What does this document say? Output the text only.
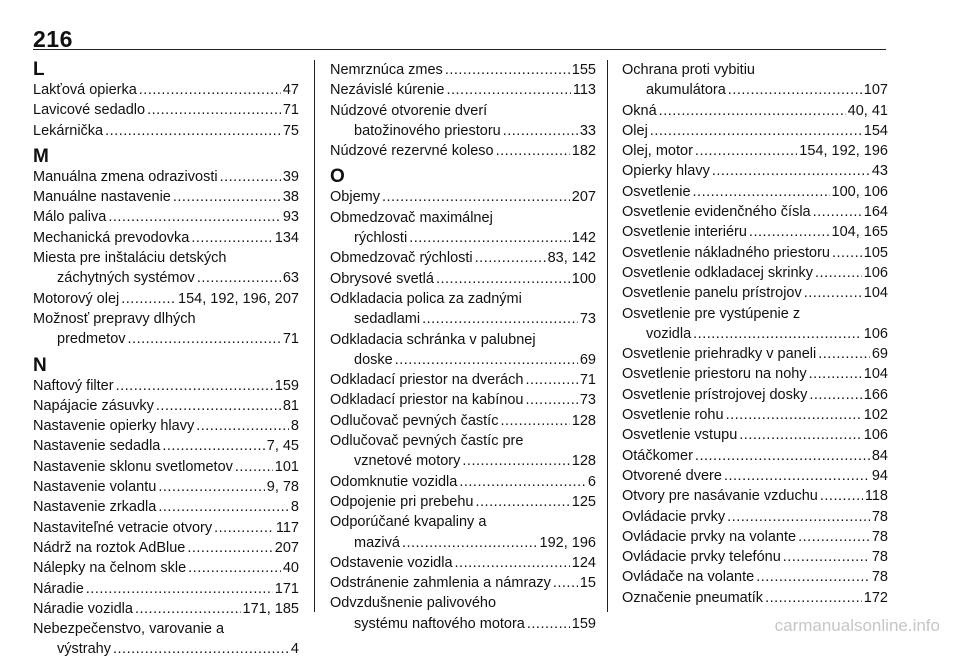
216
L
Lakťová opierka .....	47
Lavicové sedadlo .....	71
Lekárnička .....	75
M
Manuálna zmena odrazivosti .....	39
Manuálne nastavenie .....	38
Málo paliva .....	93
Mechanická prevodovka .....	134
Miesta pre inštaláciu detských
záchytných systémov .....	63
Motorový olej .....	154, 192, 196, 207
Možnosť prepravy dlhých
predmetov .....	71
N
Naftový filter .....	159
Napájacie zásuvky .....	81
Nastavenie opierky hlavy .....	8
Nastavenie sedadla .....	7, 45
Nastavenie sklonu svetlometov .....	101
Nastavenie volantu .....	9, 78
Nastavenie zrkadla .....	8
Nastaviteľné vetracie otvory .....	117
Nádrž na roztok AdBlue .....	207
Nálepky na čelnom skle .....	40
Náradie .....	171
Náradie vozidla .....	171, 185
Nebezpečenstvo, varovanie a
výstrahy .....	4
Nemrznúca zmes .....	155
Nezávislé kúrenie .....	113
Núdzové otvorenie dverí
batožinového priestoru .....	33
Núdzové rezervné koleso .....	182
O
Objemy .....	207
Obmedzovač maximálnej
rýchlosti .....	142
Obmedzovač rýchlosti .....	83, 142
Obrysové svetlá .....	100
Odkladacia polica za zadnými
sedadlami .....	73
Odkladacia schránka v palubnej
doske .....	69
Odkladací priestor na dverách .....	71
Odkladací priestor na kabínou .....	73
Odlučovač pevných častíc .....	128
Odlučovač pevných častíc pre
vznetové motory .....	128
Odomknutie vozidla .....	6
Odpojenie pri prebehu .....	125
Odporúčané kvapaliny a
mazivá .....	192, 196
Odstavenie vozidla .....	124
Odstránenie zahmlenia a námrazy ..... 15
Odvzdušnenie palivového
systému naftového motora .....	159
Ochrana proti vybitiu
akumulátora .....	107
Okná .....	40, 41
Olej .....	154
Olej, motor .....	154, 192, 196
Opierky hlavy .....	43
Osvetlenie .....	100, 106
Osvetlenie evidenčného čísla .....	164
Osvetlenie interiéru .....	104, 165
Osvetlenie nákladného priestoru ..... 105
Osvetlenie odkladacej skrinky .....	106
Osvetlenie panelu prístrojov .....	104
Osvetlenie pre vystúpenie z
vozidla .....	106
Osvetlenie priehradky v paneli .....	69
Osvetlenie priestoru na nohy .....	104
Osvetlenie prístrojovej dosky .....	166
Osvetlenie rohu .....	102
Osvetlenie vstupu .....	106
Otáčkomer .....	84
Otvorené dvere .....	94
Otvory pre nasávanie vzduchu .....	118
Ovládacie prvky .....	78
Ovládacie prvky na volante .....	78
Ovládacie prvky telefónu .....	78
Ovládače na volante .....	78
Označenie pneumatík .....	172
carmanualsonline.info
